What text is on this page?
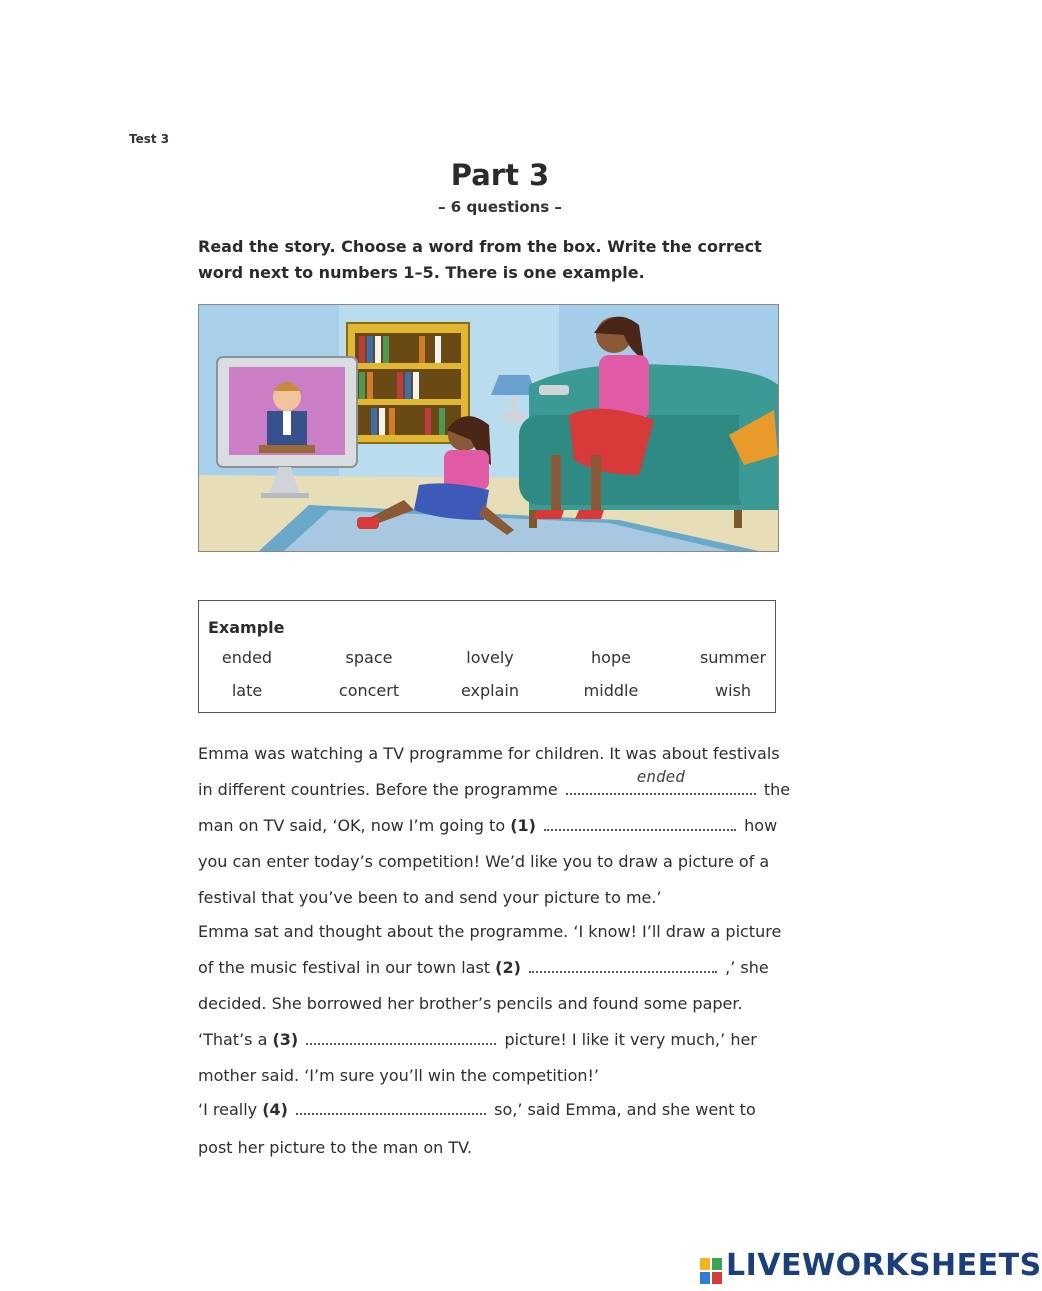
Test 3
Part 3
– 6 questions –
Read the story. Choose a word from the box. Write the correct
word next to numbers 1–5. There is one example.
Example
ended	space	lovely	hope	summer
late	concert	explain	middle	wish
Emma was watching a TV programme for children. It was about festivals
in different countries. Before the programme
ended
the
man on TV said, ‘OK, now I’m going to (1)	how
you can enter today’s competition! We’d like you to draw a picture of a
festival that you’ve been to and send your picture to me.’
Emma sat and thought about the programme. ‘I know! I’ll draw a picture
of the music festival in our town last (2)	,’ she
decided. She borrowed her brother’s pencils and found some paper.
‘That’s a (3)	picture! I like it very much,’ her
mother said. ‘I’m sure you’ll win the competition!’
‘I really (4)	so,’ said Emma, and she went to
post her picture to the man on TV.
LIVEWORKSHEETS
